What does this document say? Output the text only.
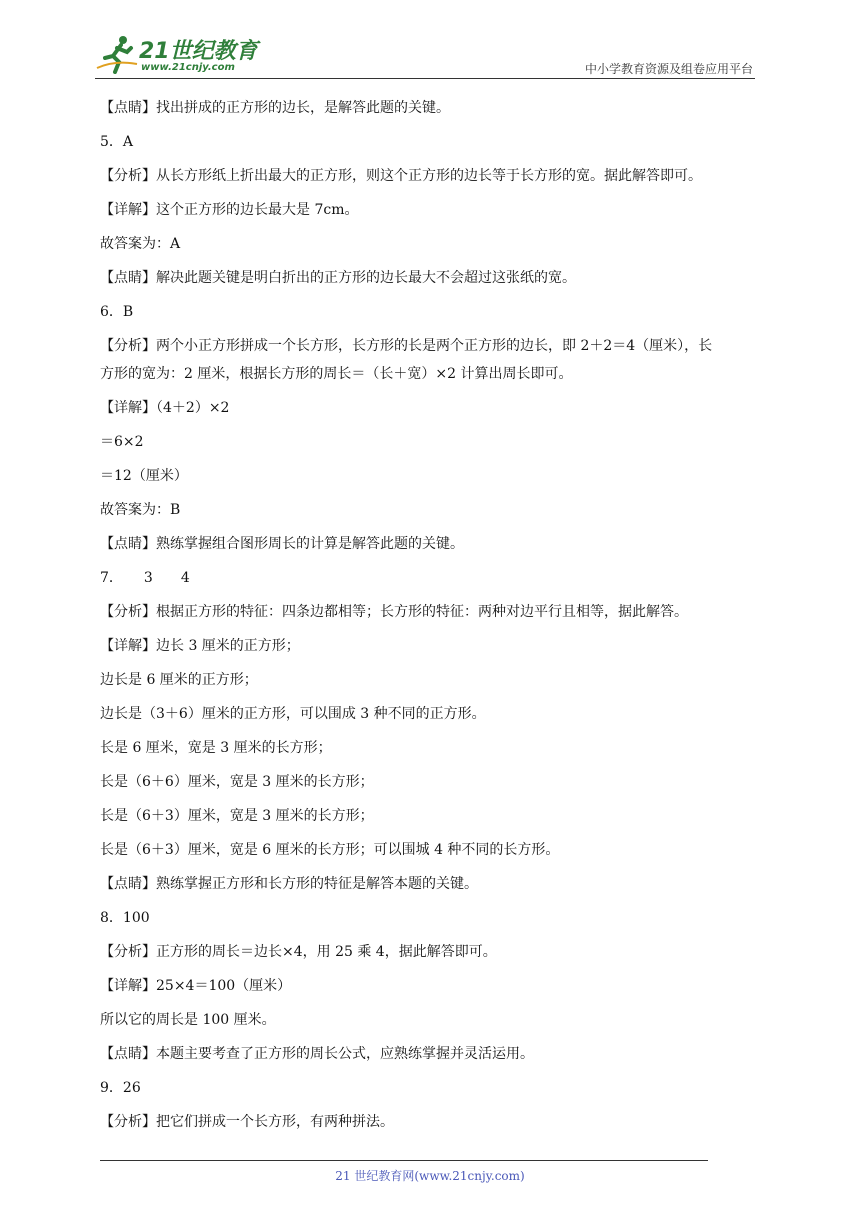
21世纪教育
www.21cnjy.com	中小学教育资源及组卷应用平台
【点睛】找出拼成的正方形的边长，是解答此题的关键。
5．A
【分析】从长方形纸上折出最大的正方形，则这个正方形的边长等于长方形的宽。据此解答即可。
【详解】这个正方形的边长最大是 7cm。
故答案为：A
【点睛】解决此题关键是明白折出的正方形的边长最大不会超过这张纸的宽。
6．B
【分析】两个小正方形拼成一个长方形，长方形的长是两个正方形的边长，即 2＋2＝4（厘米），长
方形的宽为：2 厘米，根据长方形的周长＝（长＋宽）×2 计算出周长即可。
【详解】（4＋2）×2
＝6×2
＝12（厘米）
故答案为：B
【点睛】熟练掌握组合图形周长的计算是解答此题的关键。
7．　　3　　4
【分析】根据正方形的特征：四条边都相等；长方形的特征：两种对边平行且相等，据此解答。
【详解】边长 3 厘米的正方形；
边长是 6 厘米的正方形；
边长是（3＋6）厘米的正方形，可以围成 3 种不同的正方形。
长是 6 厘米，宽是 3 厘米的长方形；
长是（6＋6）厘米，宽是 3 厘米的长方形；
长是（6＋3）厘米，宽是 3 厘米的长方形；
长是（6＋3）厘米，宽是 6 厘米的长方形；可以围城 4 种不同的长方形。
【点睛】熟练掌握正方形和长方形的特征是解答本题的关键。
8．100
【分析】正方形的周长＝边长×4，用 25 乘 4，据此解答即可。
【详解】25×4＝100（厘米）
所以它的周长是 100 厘米。
【点睛】本题主要考查了正方形的周长公式，应熟练掌握并灵活运用。
9．26
【分析】把它们拼成一个长方形，有两种拼法。
21 世纪教育网(www.21cnjy.com)
